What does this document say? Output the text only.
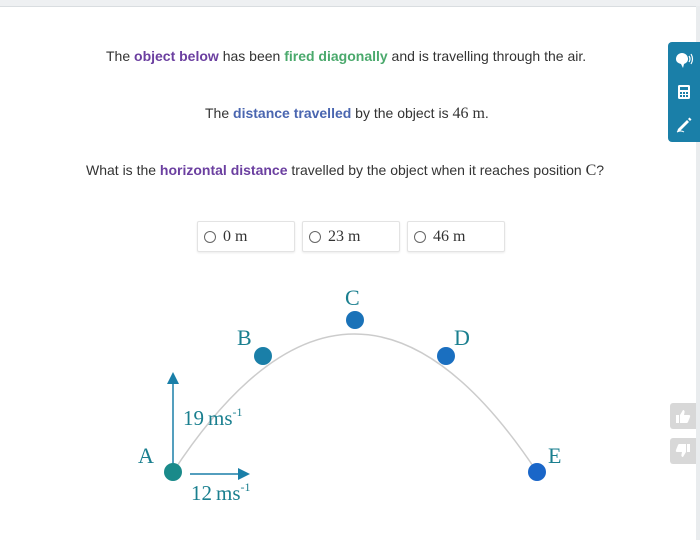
The object below has been fired diagonally and is travelling through the air.
The distance travelled by the object is 46 m.
What is the horizontal distance travelled by the object when it reaches position C?
0 m	23 m	46 m
A
B
C
D
E
19 $ms^{-1}$
12 $ms^{-1}$
